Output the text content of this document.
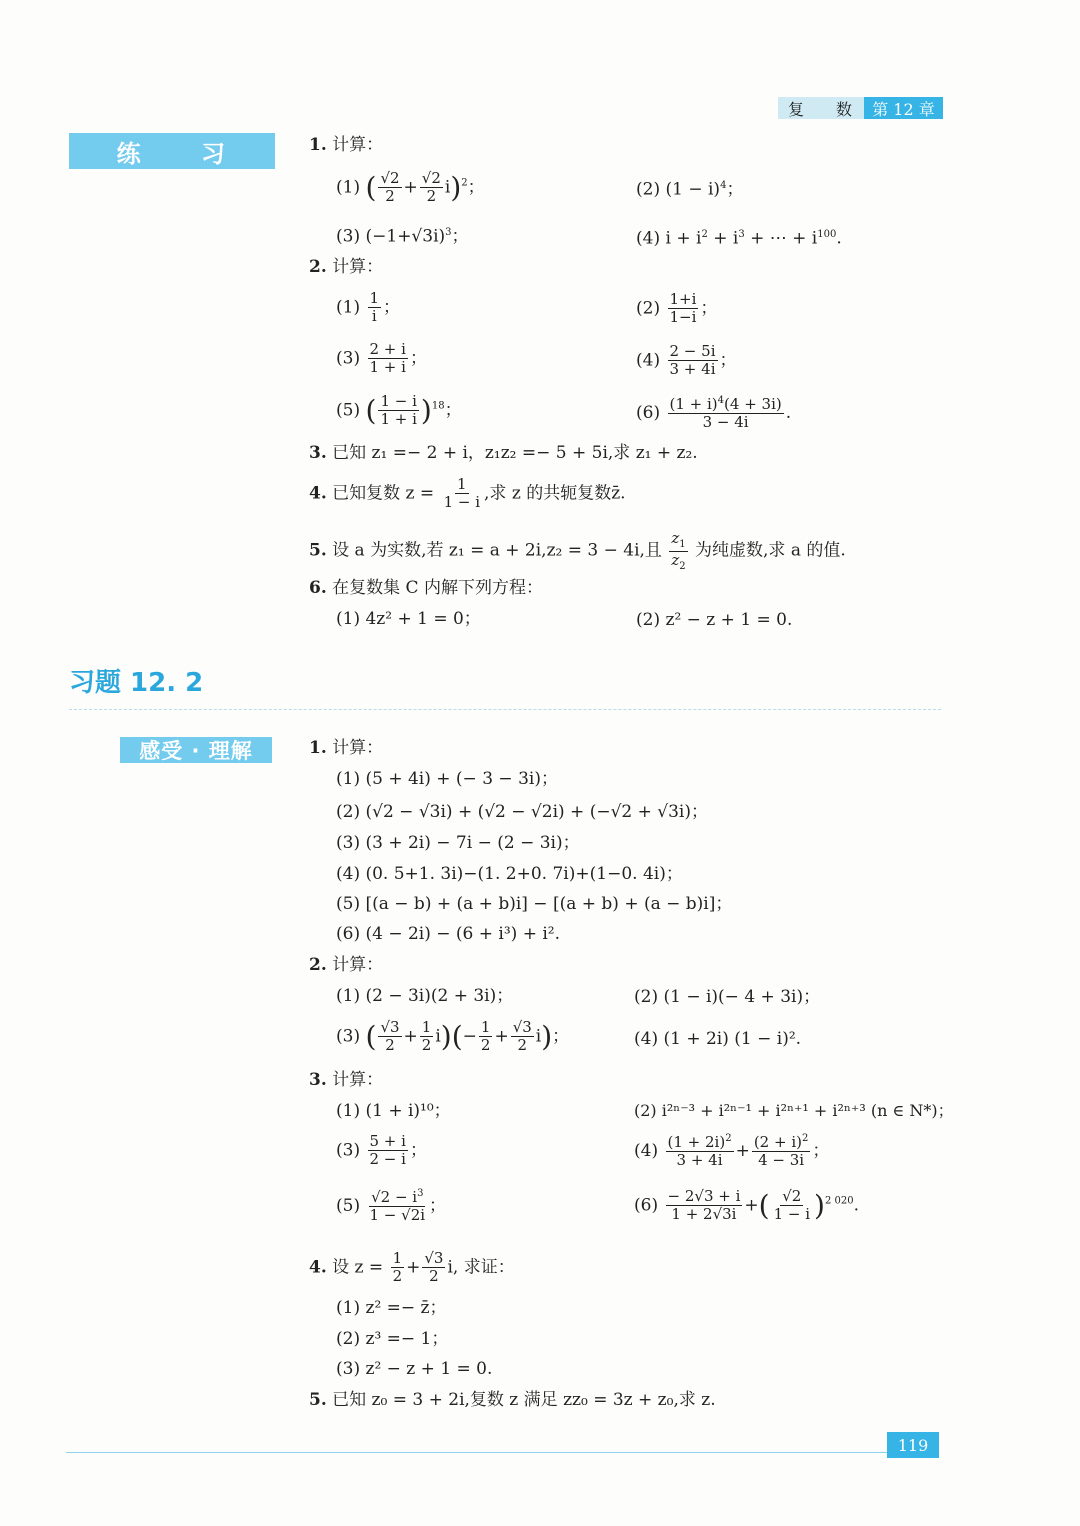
复 数	第 12 章
练 习	1. 计算：
(1) ( $\frac{√2}{2} + \frac{√2}{2} i)^2$；	(2) $(1 - i)^4$；
(3) $(-1+√3i)^3$；	(4) $i + i^2 + i^3$ + ⋯ + $i^{100}$.
2. 计算：
$(1) \frac{1}{i}$ ；	$(2) \frac{1+i}{1-i}$ ；
$(3) \frac{2 + i}{1 + i}$ ；	$(4) \frac{2 - 5i}{3 + 4i}$ ；
(5) ( $\frac{1 - i}{1 + i} )^{18}$；	$(6) \frac{(1 + i)^4(4 + 3i)}{3 - 4i}$ .
3. 已知 z₁ =− 2 + i，z₁z₂ =− 5 + 5i,求 z₁ + z₂.
4. 已知复数 $z = \frac{1}{1 - i}$ ,求 z 的共轭复数z̄.
5. 设 a 为实数,若 z₁ = a + 2i,z₂ = 3 − 4i,且 $\frac{z_1}{z_2}$ 为纯虚数,求 a 的值.
6. 在复数集 C 内解下列方程：
(1) 4z² + 1 = 0；	(2) z² − z + 1 = 0.
习题 12. 2
感受 · 理解	1. 计算：
(1) (5 + 4i) + (− 3 − 3i)；
(2) (√2 − √3i) + (√2 − √2i) + (−√2 + √3i)；
(3) (3 + 2i) − 7i − (2 − 3i)；
(4) (0. 5+1. 3i)−(1. 2+0. 7i)+(1−0. 4i)；
(5) [(a − b) + (a + b)i] − [(a + b) + (a − b)i]；
(6) (4 − 2i) − (6 + i³) + i².
2. 计算：
(1) (2 − 3i)(2 + 3i)；	(2) (1 − i)(− 4 + 3i)；
(3) ( $\frac{√3}{2} + \frac{1}{2} i)(- \frac{1}{2} + \frac{√3}{2} i)$；	(4) (1 + 2i) (1 − i)².
3. 计算：
(1) (1 + i)¹⁰；	(2) i²ⁿ⁻³ + i²ⁿ⁻¹ + i²ⁿ⁺¹ + i²ⁿ⁺³ (n ∈ N*)；
$(3) \frac{5 + i}{2 - i}$ ；	$(4) \frac{(1 + 2i)^2}{3 + 4i} + \frac{(2 + i)^2}{4 - 3i}$ ；
$(5) \frac{√2 - i^3}{1 - √2i}$ ；	$(6) \frac{- 2√3 + i}{1 + 2√3i}$ +( $\frac{√2}{1 - i} )^{2 020}$.
4. 设 $z = \frac{1}{2} + \frac{√3}{2} i$, 求证：
(1) z² =− z̄；
(2) z³ =− 1；
(3) z² − z + 1 = 0.
5. 已知 z₀ = 3 + 2i,复数 z 满足 zz₀ = 3z + z₀,求 z.
119
